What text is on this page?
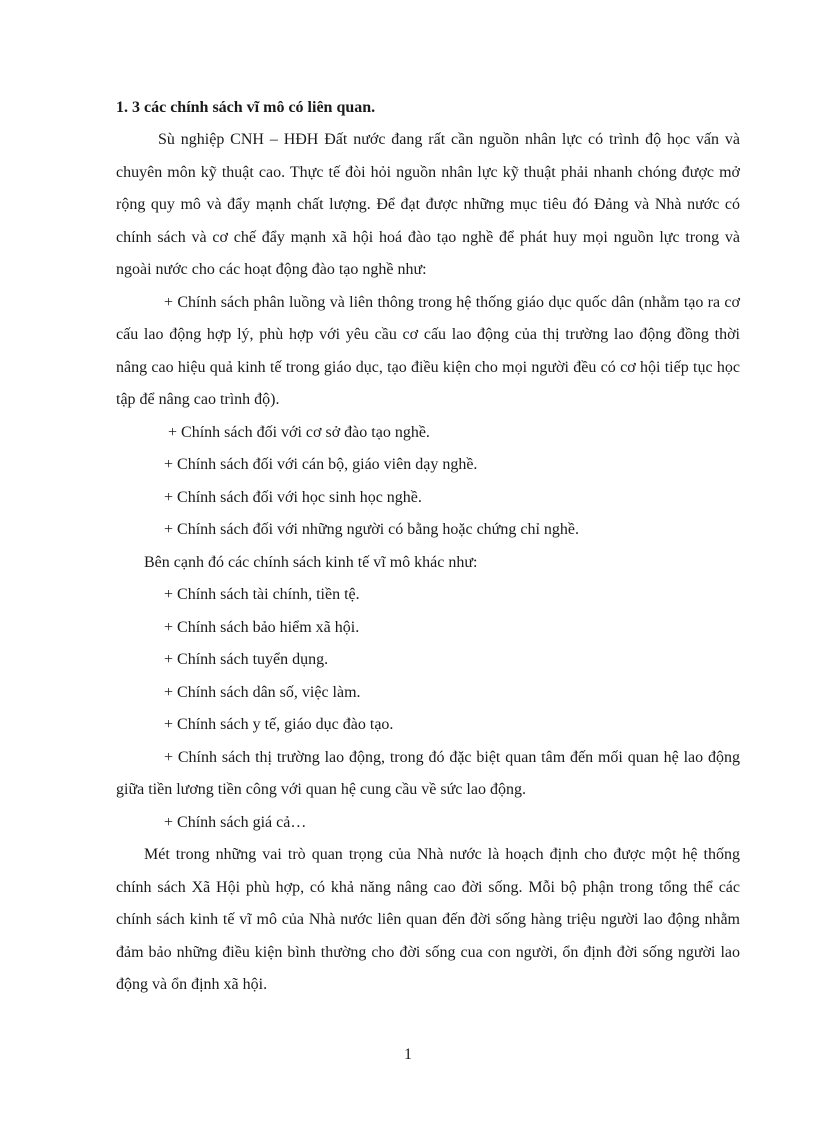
1. 3 các chính sách vĩ mô có liên quan.

Sù nghiệp CNH – HĐH Đất nước đang rất cần nguồn nhân lực có trình độ học vấn và chuyên môn kỹ thuật cao. Thực tế đòi hỏi nguồn nhân lực kỹ thuật phải nhanh chóng được mở rộng quy mô và đẩy mạnh chất lượng. Để đạt được những mục tiêu đó Đảng và Nhà nước có chính sách và cơ chế đẩy mạnh xã hội hoá đào tạo nghề để phát huy mọi nguồn lực trong và ngoài nước cho các hoạt động đào tạo nghề như:

+ Chính sách phân luồng và liên thông trong hệ thống giáo dục quốc dân (nhằm tạo ra cơ cấu lao động hợp lý, phù hợp với yêu cầu cơ cấu lao động của thị trường lao động đồng thời nâng cao hiệu quả kinh tế trong giáo dục, tạo điều kiện cho mọi người đều có cơ hội tiếp tục học tập để nâng cao trình độ).

+ Chính sách đối với cơ sở đào tạo nghề.

+ Chính sách đối với cán bộ, giáo viên dạy nghề.

+ Chính sách đối với học sinh học nghề.

+ Chính sách đối với những người có bằng hoặc chứng chỉ nghề.

Bên cạnh đó các chính sách kinh tế vĩ mô khác như:

+ Chính sách tài chính, tiền tệ.

+ Chính sách bảo hiểm xã hội.

+ Chính sách tuyển dụng.

+ Chính sách dân số, việc làm.

+ Chính sách y tế, giáo dục đào tạo.

+ Chính sách thị trường lao động, trong đó đặc biệt quan tâm đến mối quan hệ lao động giữa tiền lương tiền công với quan hệ cung cầu về sức lao động.

+ Chính sách giá cả…

Mét trong những vai trò quan trọng của Nhà nước là hoạch định cho được một hệ thống chính sách Xã Hội phù hợp, có khả năng nâng cao đời sống. Mỗi bộ phận trong tổng thể các chính sách kinh tế vĩ mô của Nhà nước liên quan đến đời sống hàng triệu người lao động nhằm đảm bảo những điều kiện bình thường cho đời sống cua con người, ổn định đời sống người lao động và ổn định xã hội.

1
